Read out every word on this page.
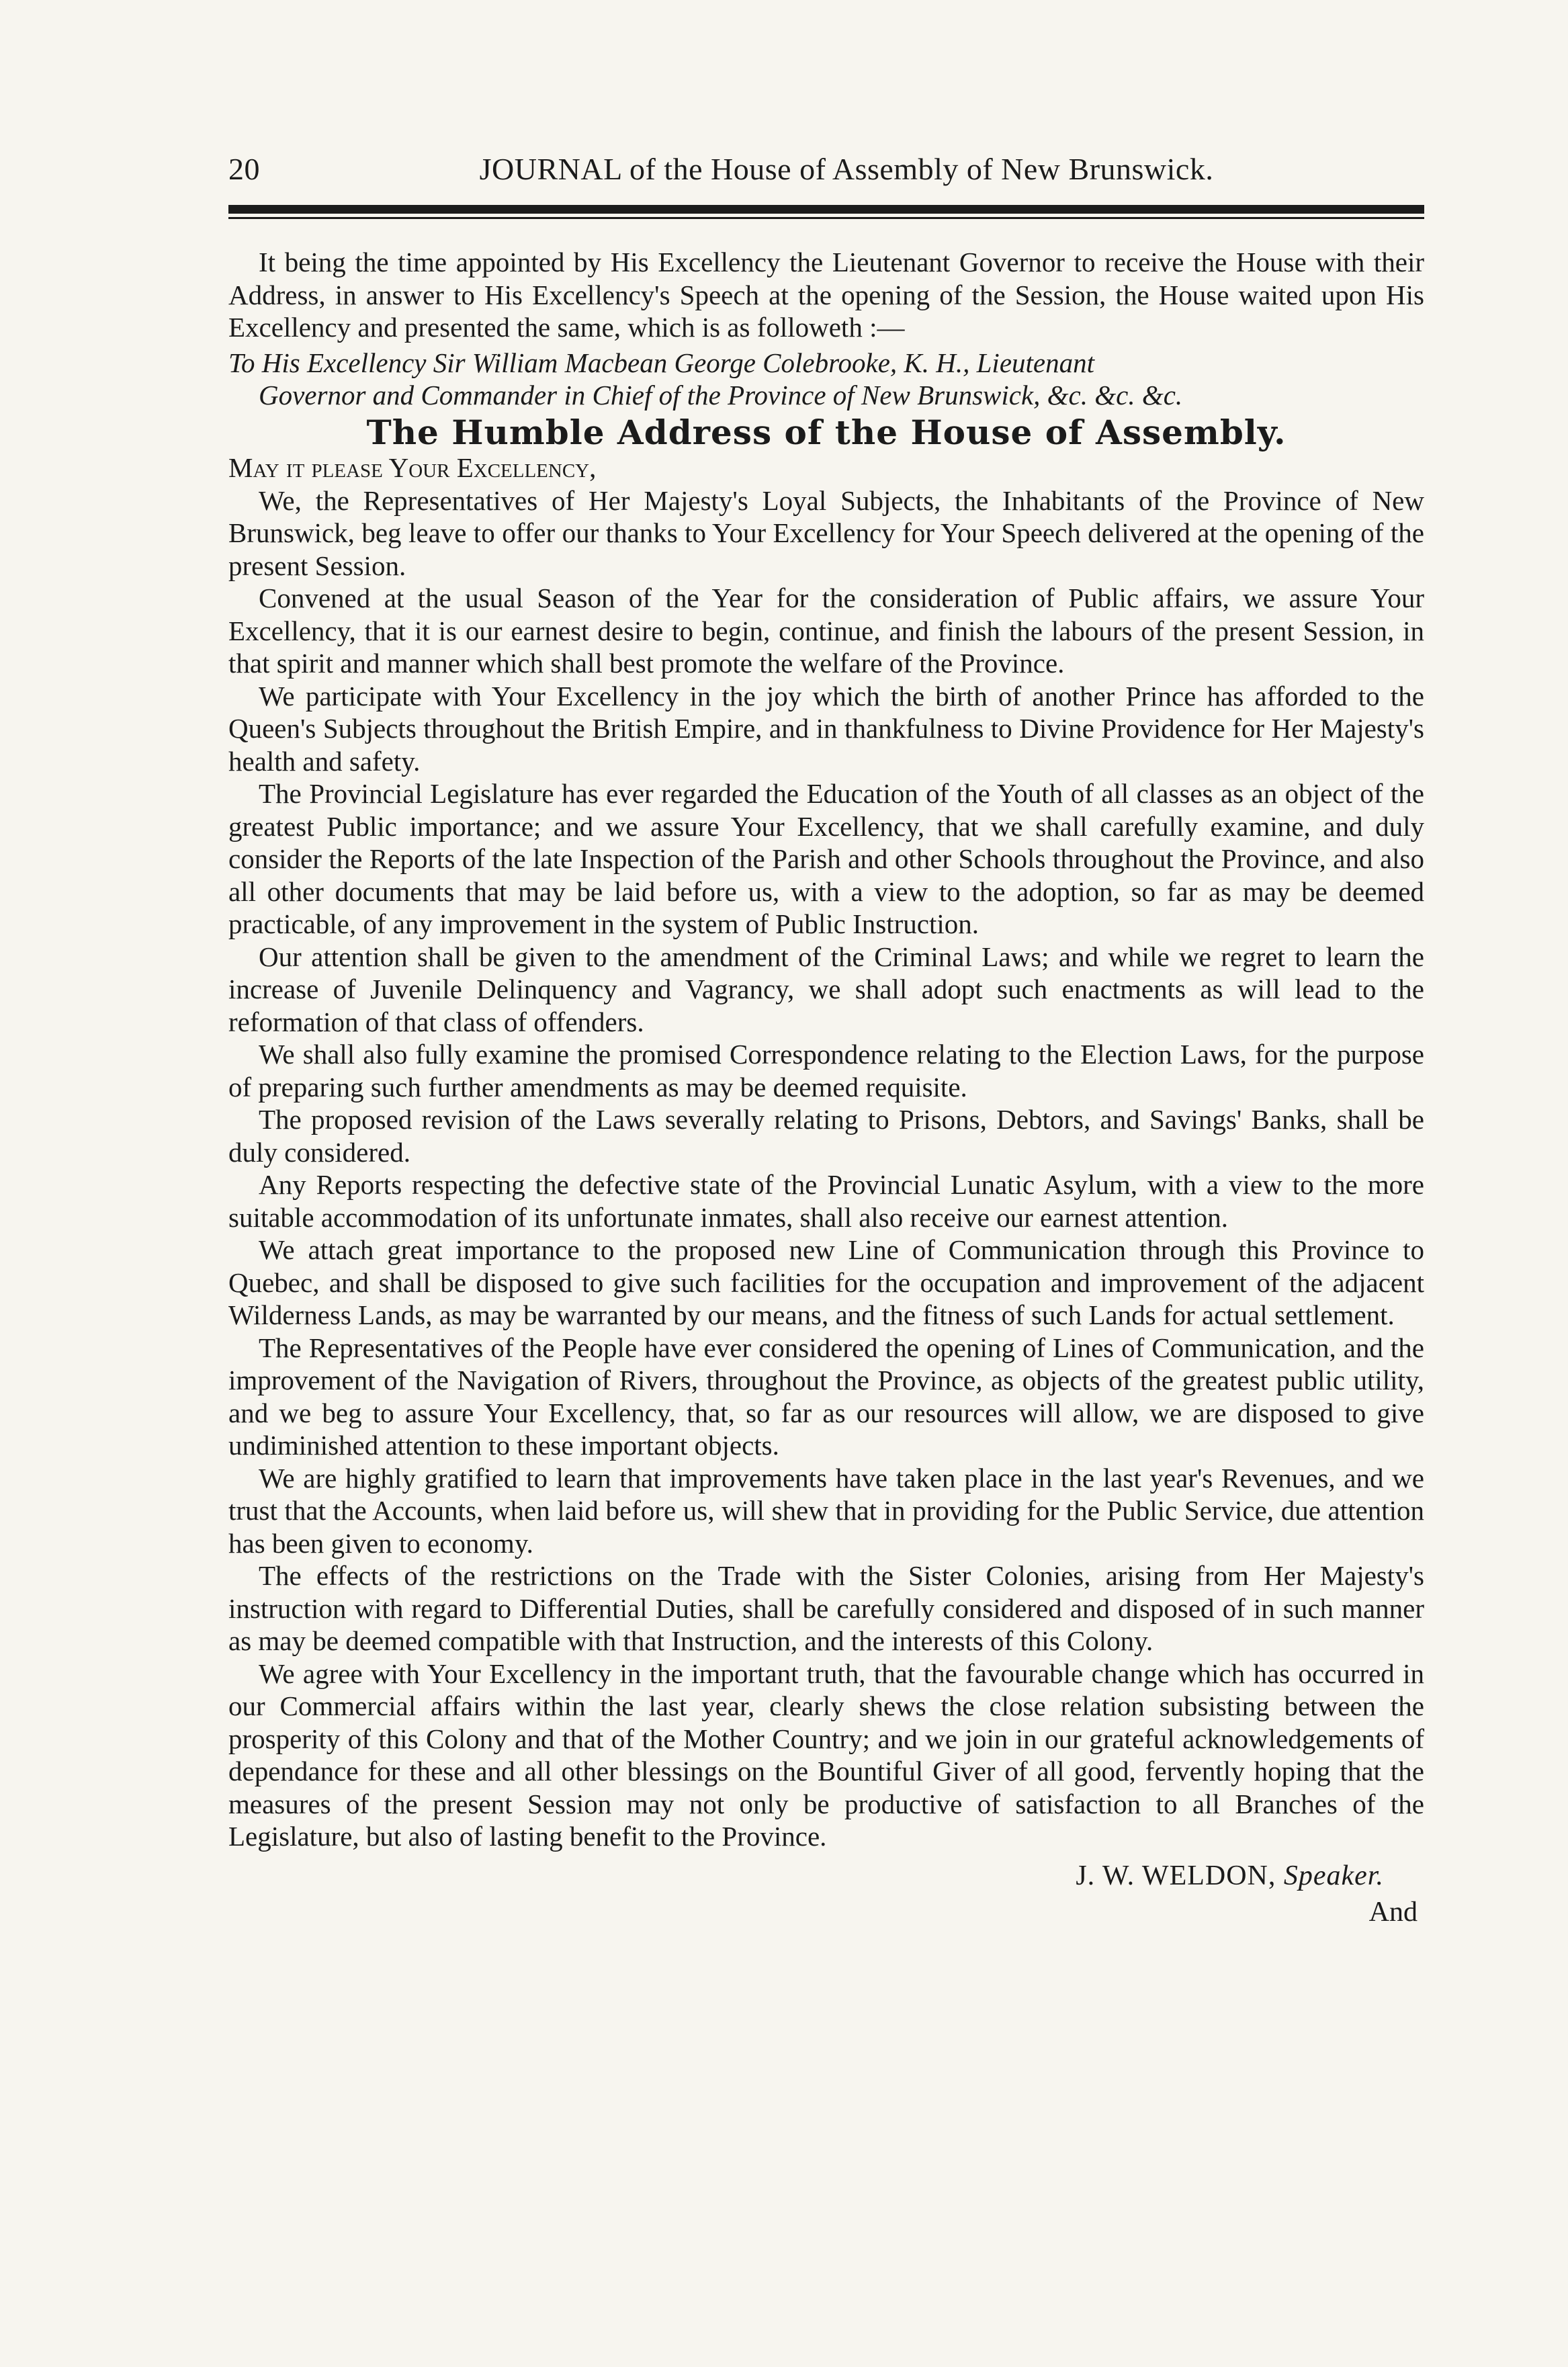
20	JOURNAL of the House of Assembly of New Brunswick.

It being the time appointed by His Excellency the Lieutenant Governor to receive the House with their Address, in answer to His Excellency's Speech at the opening of the Session, the House waited upon His Excellency and presented the same, which is as followeth :—

To His Excellency Sir William Macbean George Colebrooke, K. H., Lieutenant
Governor and Commander in Chief of the Province of New Brunswick, &c. &c. &c.
The Humble Address of the House of Assembly.

May it please Your Excellency,

We, the Representatives of Her Majesty's Loyal Subjects, the Inhabitants of the Province of New Brunswick, beg leave to offer our thanks to Your Excellency for Your Speech delivered at the opening of the present Session.

Convened at the usual Season of the Year for the consideration of Public affairs, we assure Your Excellency, that it is our earnest desire to begin, continue, and finish the labours of the present Session, in that spirit and manner which shall best promote the welfare of the Province.

We participate with Your Excellency in the joy which the birth of another Prince has afforded to the Queen's Subjects throughout the British Empire, and in thankfulness to Divine Providence for Her Majesty's health and safety.

The Provincial Legislature has ever regarded the Education of the Youth of all classes as an object of the greatest Public importance; and we assure Your Excellency, that we shall carefully examine, and duly consider the Reports of the late Inspection of the Parish and other Schools throughout the Province, and also all other documents that may be laid before us, with a view to the adoption, so far as may be deemed practicable, of any improvement in the system of Public Instruction.

Our attention shall be given to the amendment of the Criminal Laws; and while we regret to learn the increase of Juvenile Delinquency and Vagrancy, we shall adopt such enactments as will lead to the reformation of that class of offenders.

We shall also fully examine the promised Correspondence relating to the Election Laws, for the purpose of preparing such further amendments as may be deemed requisite.

The proposed revision of the Laws severally relating to Prisons, Debtors, and Savings' Banks, shall be duly considered.

Any Reports respecting the defective state of the Provincial Lunatic Asylum, with a view to the more suitable accommodation of its unfortunate inmates, shall also receive our earnest attention.

We attach great importance to the proposed new Line of Communication through this Province to Quebec, and shall be disposed to give such facilities for the occupation and improvement of the adjacent Wilderness Lands, as may be warranted by our means, and the fitness of such Lands for actual settlement.

The Representatives of the People have ever considered the opening of Lines of Communication, and the improvement of the Navigation of Rivers, throughout the Province, as objects of the greatest public utility, and we beg to assure Your Excellency, that, so far as our resources will allow, we are disposed to give undiminished attention to these important objects.

We are highly gratified to learn that improvements have taken place in the last year's Revenues, and we trust that the Accounts, when laid before us, will shew that in providing for the Public Service, due attention has been given to economy.

The effects of the restrictions on the Trade with the Sister Colonies, arising from Her Majesty's instruction with regard to Differential Duties, shall be carefully considered and disposed of in such manner as may be deemed compatible with that Instruction, and the interests of this Colony.

We agree with Your Excellency in the important truth, that the favourable change which has occurred in our Commercial affairs within the last year, clearly shews the close relation subsisting between the prosperity of this Colony and that of the Mother Country; and we join in our grateful acknowledgements of dependance for these and all other blessings on the Bountiful Giver of all good, fervently hoping that the measures of the present Session may not only be productive of satisfaction to all Branches of the Legislature, but also of lasting benefit to the Province.

J. W. WELDON, Speaker.
And
